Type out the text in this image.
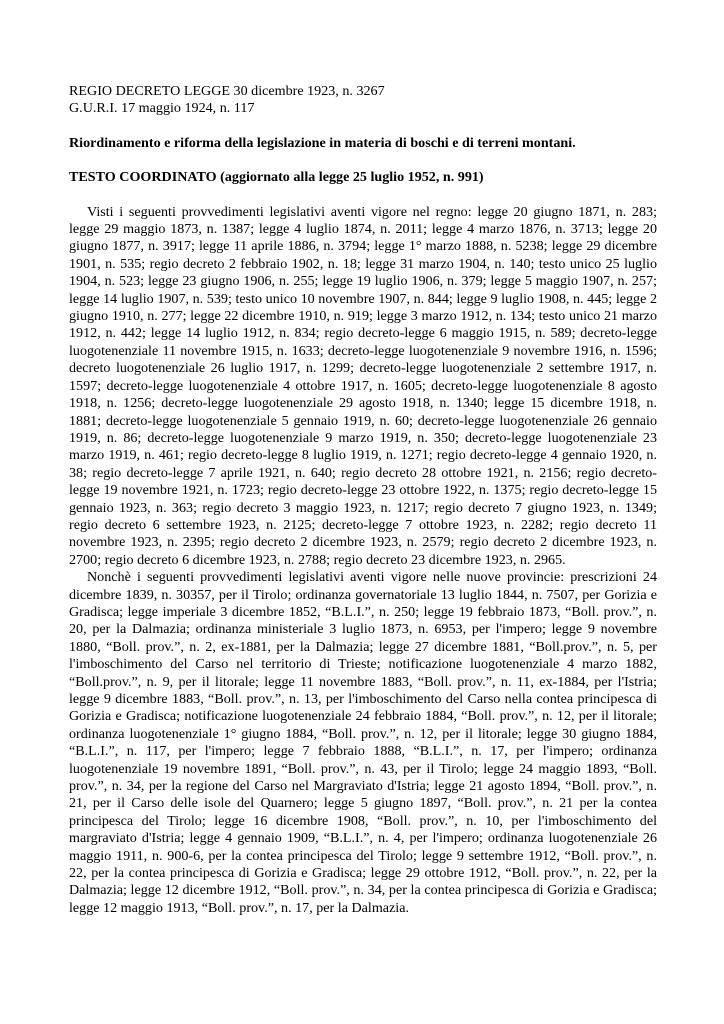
REGIO DECRETO LEGGE 30 dicembre 1923, n. 3267

G.U.R.I. 17 maggio 1924, n. 117

Riordinamento e riforma della legislazione in materia di boschi e di terreni montani.

TESTO COORDINATO (aggiornato alla legge 25 luglio 1952, n. 991)

Visti i seguenti provvedimenti legislativi aventi vigore nel regno: legge 20 giugno 1871, n. 283; legge 29 maggio 1873, n. 1387; legge 4 luglio 1874, n. 2011; legge 4 marzo 1876, n. 3713; legge 20 giugno 1877, n. 3917; legge 11 aprile 1886, n. 3794; legge 1° marzo 1888, n. 5238; legge 29 dicembre 1901, n. 535; regio decreto 2 febbraio 1902, n. 18; legge 31 marzo 1904, n. 140; testo unico 25 luglio 1904, n. 523; legge 23 giugno 1906, n. 255; legge 19 luglio 1906, n. 379; legge 5 maggio 1907, n. 257; legge 14 luglio 1907, n. 539; testo unico 10 novembre 1907, n. 844; legge 9 luglio 1908, n. 445; legge 2 giugno 1910, n. 277; legge 22 dicembre 1910, n. 919; legge 3 marzo 1912, n. 134; testo unico 21 marzo 1912, n. 442; legge 14 luglio 1912, n. 834; regio decreto-legge 6 maggio 1915, n. 589; decreto-legge luogotenenziale 11 novembre 1915, n. 1633; decreto-legge luogotenenziale 9 novembre 1916, n. 1596; decreto luogotenenziale 26 luglio 1917, n. 1299; decreto-legge luogotenenziale 2 settembre 1917, n. 1597; decreto-legge luogotenenziale 4 ottobre 1917, n. 1605; decreto-legge luogotenenziale 8 agosto 1918, n. 1256; decreto-legge luogotenenziale 29 agosto 1918, n. 1340; legge 15 dicembre 1918, n. 1881; decreto-legge luogotenenziale 5 gennaio 1919, n. 60; decreto-legge luogotenenziale 26 gennaio 1919, n. 86; decreto-legge luogotenenziale 9 marzo 1919, n. 350; decreto-legge luogotenenziale 23 marzo 1919, n. 461; regio decreto-legge 8 luglio 1919, n. 1271; regio decreto-legge 4 gennaio 1920, n. 38; regio decreto-legge 7 aprile 1921, n. 640; regio decreto 28 ottobre 1921, n. 2156; regio decreto-legge 19 novembre 1921, n. 1723; regio decreto-legge 23 ottobre 1922, n. 1375; regio decreto-legge 15 gennaio 1923, n. 363; regio decreto 3 maggio 1923, n. 1217; regio decreto 7 giugno 1923, n. 1349; regio decreto 6 settembre 1923, n. 2125; decreto-legge 7 ottobre 1923, n. 2282; regio decreto 11 novembre 1923, n. 2395; regio decreto 2 dicembre 1923, n. 2579; regio decreto 2 dicembre 1923, n. 2700; regio decreto 6 dicembre 1923, n. 2788; regio decreto 23 dicembre 1923, n. 2965.

Nonchè i seguenti provvedimenti legislativi aventi vigore nelle nuove provincie: prescrizioni 24 dicembre 1839, n. 30357, per il Tirolo; ordinanza governatoriale 13 luglio 1844, n. 7507, per Gorizia e Gradisca; legge imperiale 3 dicembre 1852, “B.L.I.”, n. 250; legge 19 febbraio 1873, “Boll. prov.”, n. 20, per la Dalmazia; ordinanza ministeriale 3 luglio 1873, n. 6953, per l'impero; legge 9 novembre 1880, “Boll. prov.”, n. 2, ex-1881, per la Dalmazia; legge 27 dicembre 1881, “Boll.prov.”, n. 5, per l'imboschimento del Carso nel territorio di Trieste; notificazione luogotenenziale 4 marzo 1882, “Boll.prov.”, n. 9, per il litorale; legge 11 novembre 1883, “Boll. prov.”, n. 11, ex-1884, per l'Istria; legge 9 dicembre 1883, “Boll. prov.”, n. 13, per l'imboschimento del Carso nella contea principesca di Gorizia e Gradisca; notificazione luogotenenziale 24 febbraio 1884, “Boll. prov.”, n. 12, per il litorale; ordinanza luogotenenziale 1° giugno 1884, “Boll. prov.”, n. 12, per il litorale; legge 30 giugno 1884, “B.L.I.”, n. 117, per l'impero; legge 7 febbraio 1888, “B.L.I.”, n. 17, per l'impero; ordinanza luogotenenziale 19 novembre 1891, “Boll. prov.”, n. 43, per il Tirolo; legge 24 maggio 1893, “Boll. prov.”, n. 34, per la regione del Carso nel Margraviato d'Istria; legge 21 agosto 1894, “Boll. prov.”, n. 21, per il Carso delle isole del Quarnero; legge 5 giugno 1897, “Boll. prov.”, n. 21 per la contea principesca del Tirolo; legge 16 dicembre 1908, “Boll. prov.”, n. 10, per l'imboschimento del margraviato d'Istria; legge 4 gennaio 1909, “B.L.I.”, n. 4, per l'impero; ordinanza luogotenenziale 26 maggio 1911, n. 900-6, per la contea principesca del Tirolo; legge 9 settembre 1912, “Boll. prov.”, n. 22, per la contea principesca di Gorizia e Gradisca; legge 29 ottobre 1912, “Boll. prov.”, n. 22, per la Dalmazia; legge 12 dicembre 1912, “Boll. prov.”, n. 34, per la contea principesca di Gorizia e Gradisca; legge 12 maggio 1913, “Boll. prov.”, n. 17, per la Dalmazia.
